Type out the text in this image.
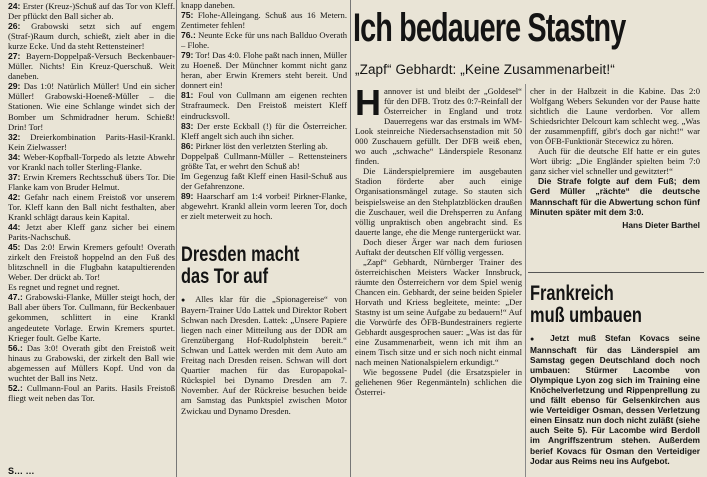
24: Erster (Kreuz-)Schuß auf das Tor von Kleff. Der pflückt den Ball sicher ab.

26: Grabowski setzt sich auf engem (Straf-)Raum durch, schießt, zielt aber in die kurze Ecke. Und da steht Rettensteiner!

27: Bayern-Doppelpaß-Versuch Beckenbauer-Müller. Nichts! Ein Kreuz-Querschuß. Weit daneben.

29: Das 1:0! Natürlich Müller! Und ein sicher Müller! Grabowski-Hoeneß-Müller – die Stationen. Wie eine Schlange windet sich der Bomber um Schmidradner herum. Schießt! Drin! Tor!

32: Dreierkombination Parits-Hasil-Krankl. Kein Zielwasser!

34: Weber-Kopfball-Torpedo als letzte Abwehr vor Krankl nach toller Sterling-Flanke.

37: Erwin Kremers Rechtsschuß übers Tor. Die Flanke kam von Bruder Helmut.

42: Gefahr nach einem Freistoß vor unserem Tor. Kleff kann den Ball nicht festhalten, aber Krankl schlägt daraus kein Kapital.

44: Jetzt aber Kleff ganz sicher bei einem Parits-Nachschuß.

45: Das 2:0! Erwin Kremers gefoult! Overath zirkelt den Freistoß hoppelnd an den Fuß des blitzschnell in die Flugbahn katapultierenden Weber. Der drückt ab. Tor!

Es regnet und regnet und regnet.

47.: Grabowski-Flanke, Müller steigt hoch, der Ball aber übers Tor. Cullmann, für Beckenbauer gekommen, schlittert in eine Krankl angedeutete Vorlage. Erwin Kremers spurtet. Krieger foult. Gelbe Karte.

56.: Das 3:0! Overath gibt den Freistoß weit hinaus zu Grabowski, der zirkelt den Ball wie abgemessen auf Müllers Kopf. Und von da wuchtet der Ball ins Netz.

52.: Cullmann-Foul an Parits. Hasils Freistoß fliegt weit neben das Tor.

knapp daneben.

75: Flohe-Alleingang. Schuß aus 16 Metern. Zentimeter fehlen!

76.: Neunte Ecke für uns nach Ballduo Overath – Flohe.

79: Tor! Das 4:0. Flohe paßt nach innen, Müller zu Hoeneß. Der Münchner kommt nicht ganz heran, aber Erwin Kremers steht bereit. Und donnert ein!

81: Foul von Cullmann am eigenen rechten Strafraumeck. Den Freistoß meistert Kleff eindrucksvoll.

83: Der erste Eckball (!) für die Österreicher. Kleff angelt sich auch ihn sicher.

86: Pirkner löst den verletzten Sterling ab.

Doppelpaß Cullmann-Müller – Rettensteiners größte Tat, er wehrt den Schuß ab!

Im Gegenzug faßt Kleff einen Hasil-Schuß aus der Gefahrenzone.

89: Haarscharf am 1:4 vorbei! Pirkner-Flanke, abgewehrt. Krankl allein vorm leeren Tor, doch er zielt meterweit zu hoch.

Dresden macht
das Tor auf

● Alles klar für die „Spionagereise“ von Bayern-Trainer Udo Lattek und Direktor Robert Schwan nach Dresden. Lattek: „Unsere Papiere liegen nach einer Mitteilung aus der DDR am Grenzübergang Hof-Rudolphstein bereit.“ Schwan und Lattek werden mit dem Auto am Freitag nach Dresden reisen. Schwan will dort Quartier machen für das Europapokal-Rückspiel bei Dynamo Dresden am 7. November. Auf der Rückreise besuchen beide am Samstag das Punktspiel zwischen Motor Zwickau und Dynamo Dresden.

Ich bedauere Stastny
„Zapf“ Gebhardt: „Keine Zusammenarbeit!“

Hannover ist und bleibt der „Goldesel“ für den DFB. Trotz des 0:7-Reinfall der Österreicher in England und trotz Dauerregens war das erstmals im WM-Look steinreiche Niedersachsenstadion mit 50 000 Zuschauern gefüllt. Der DFB weiß eben, wo auch „schwache“ Länderspiele Resonanz finden.

Die Länderspielpremiere im ausgebauten Stadion förderte aber auch einige Organisationsmängel zutage. So stauten sich beispielsweise an den Stehplatzblöcken draußen die Zuschauer, weil die Drehsperren zu Anfang völlig unpraktisch oben angebracht sind. Es dauerte lange, ehe die Menge runtergerückt war.

Doch dieser Ärger war nach dem furiosen Auftakt der deutschen Elf völlig vergessen.

„Zapf“ Gebhardt, Nürnberger Trainer des österreichischen Meisters Wacker Innsbruck, räumte den Österreichern vor dem Spiel wenig Chancen ein. Gebhardt, der seine beiden Spieler Horvath und Kriess begleitete, meinte: „Der Stastny ist um seine Aufgabe zu bedauern!“ Auf die Vorwürfe des ÖFB-Bundestrainers regierte Gebhardt ausgesprochen sauer: „Was ist das für eine Zusammenarbeit, wenn ich mit ihm an einem Tisch sitze und er sich noch nicht einmal nach meinen Nationalspielern erkundigt.“

Wie begossene Pudel (die Ersatzspieler in geliehenen 96er Regenmänteln) schlichen die Österrei-

cher in der Halbzeit in die Kabine. Das 2:0 Wolfgang Webers Sekunden vor der Pause hatte sichtlich die Laune verdorben. Vor allem Schiedsrichter Delcourt kam schlecht weg. „Was der zusammenpfiff, gibt's doch gar nicht!“ war von ÖFB-Funktionär Stecewicz zu hören.

Auch für die deutsche Elf hatte er ein gutes Wort übrig: „Die Engländer spielten beim 7:0 ganz sicher viel schneller und gewitzter!“

Die Strafe folgte auf dem Fuß; dem Gerd Müller „rächte“ die deutsche Mannschaft für die Abwertung schon fünf Minuten später mit dem 3:0.

Hans Dieter Barthel
Frankreich
muß umbauen

● Jetzt muß Stefan Kovacs seine Mannschaft für das Länderspiel am Samstag gegen Deutschland doch noch umbauen: Stürmer Lacombe von Olympique Lyon zog sich im Training eine Knöchelverletzung und Rippenprellung zu und fällt ebenso für Gelsenkirchen aus wie Verteidiger Osman, dessen Verletzung einen Einsatz nun doch nicht zuläßt (siehe auch Seite 5). Für Lacombe wird Berdoll im Angriffszentrum stehen. Außerdem berief Kovacs für Osman den Verteidiger Jodar aus Reims neu ins Aufgebot.

S… …
